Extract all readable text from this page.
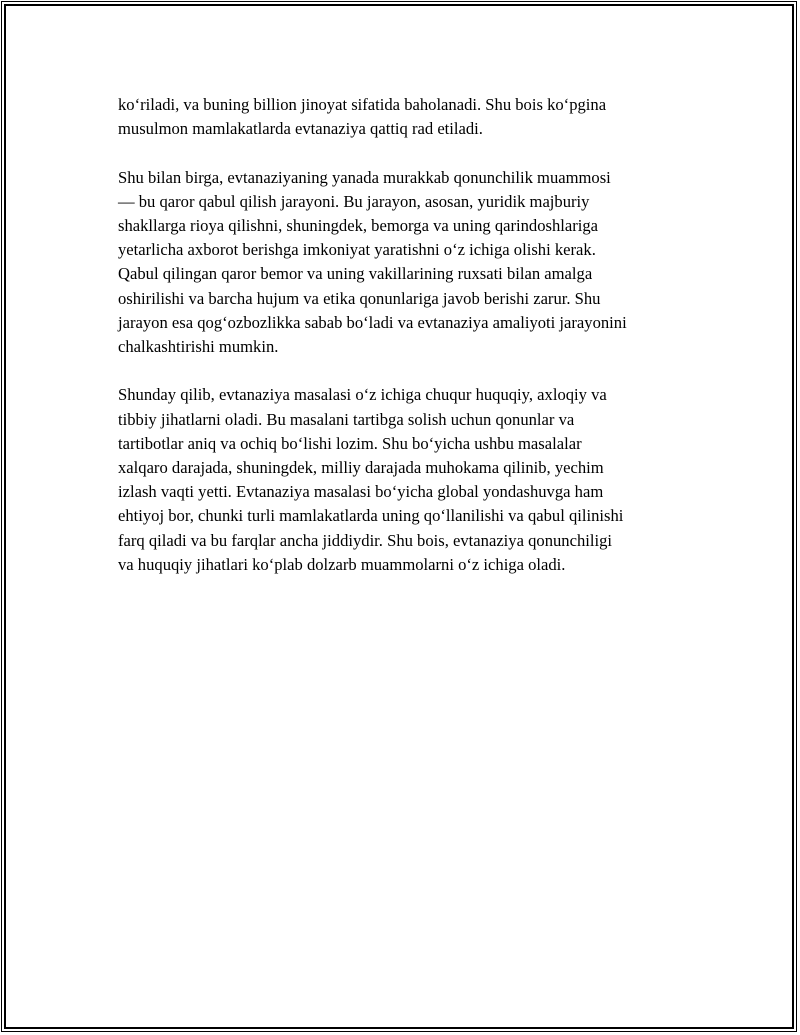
ko‘riladi, va buning billion jinoyat sifatida baholanadi. Shu bois ko‘pgina
musulmon mamlakatlarda evtanaziya qattiq rad etiladi.

Shu bilan birga, evtanaziyaning yanada murakkab qonunchilik muammosi
— bu qaror qabul qilish jarayoni. Bu jarayon, asosan, yuridik majburiy
shakllarga rioya qilishni, shuningdek, bemorga va uning qarindoshlariga
yetarlicha axborot berishga imkoniyat yaratishni o‘z ichiga olishi kerak.
Qabul qilingan qaror bemor va uning vakillarining ruxsati bilan amalga
oshirilishi va barcha hujum va etika qonunlariga javob berishi zarur. Shu
jarayon esa qog‘ozbozlikka sabab bo‘ladi va evtanaziya amaliyoti jarayonini
chalkashtirishi mumkin.

Shunday qilib, evtanaziya masalasi o‘z ichiga chuqur huquqiy, axloqiy va
tibbiy jihatlarni oladi. Bu masalani tartibga solish uchun qonunlar va
tartibotlar aniq va ochiq bo‘lishi lozim. Shu bo‘yicha ushbu masalalar
xalqaro darajada, shuningdek, milliy darajada muhokama qilinib, yechim
izlash vaqti yetti. Evtanaziya masalasi bo‘yicha global yondashuvga ham
ehtiyoj bor, chunki turli mamlakatlarda uning qo‘llanilishi va qabul qilinishi
farq qiladi va bu farqlar ancha jiddiydir. Shu bois, evtanaziya qonunchiligi
va huquqiy jihatlari ko‘plab dolzarb muammolarni o‘z ichiga oladi.
